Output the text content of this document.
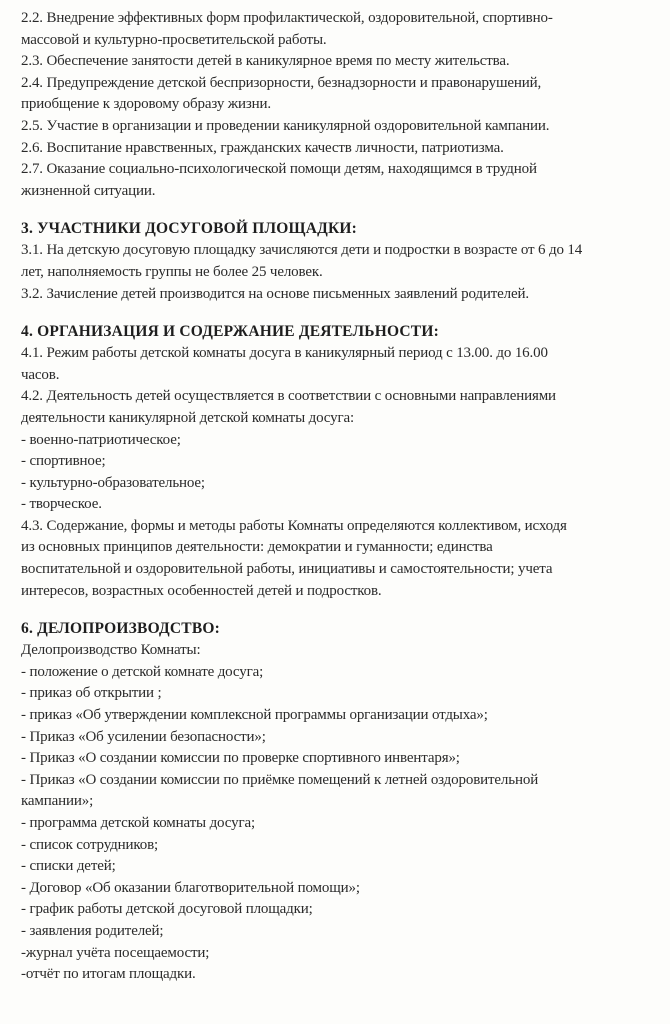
2.2. Внедрение эффективных форм профилактической, оздоровительной, спортивно-

массовой и культурно-просветительской работы.

2.3. Обеспечение занятости детей в каникулярное время по месту жительства.

2.4. Предупреждение детской беспризорности, безнадзорности и правонарушений,

приобщение к здоровому образу жизни.

2.5. Участие в организации и проведении каникулярной оздоровительной кампании.

2.6. Воспитание нравственных, гражданских качеств личности, патриотизма.

2.7. Оказание социально-психологической помощи детям, находящимся в трудной

жизненной ситуации.

3. УЧАСТНИКИ ДОСУГОВОЙ ПЛОЩАДКИ:

3.1. На детскую досуговую площадку зачисляются дети и подростки в возрасте от 6 до 14

лет, наполняемость группы не более 25 человек.

3.2. Зачисление детей производится на основе письменных заявлений родителей.

4. ОРГАНИЗАЦИЯ И СОДЕРЖАНИЕ ДЕЯТЕЛЬНОСТИ:

4.1. Режим работы детской комнаты досуга в каникулярный период с 13.00. до 16.00

часов.

4.2. Деятельность детей осуществляется в соответствии с основными направлениями

деятельности каникулярной детской комнаты досуга:

- военно-патриотическое;

- спортивное;

- культурно-образовательное;

- творческое.

4.3. Содержание, формы и методы работы Комнаты определяются коллективом, исходя

из основных принципов деятельности: демократии и гуманности; единства

воспитательной и оздоровительной работы, инициативы и самостоятельности; учета

интересов, возрастных особенностей детей и подростков.

6. ДЕЛОПРОИЗВОДСТВО:

Делопроизводство Комнаты:

- положение о детской комнате досуга;

- приказ об открытии ;

- приказ «Об утверждении комплексной программы организации отдыха»;

- Приказ «Об усилении безопасности»;

- Приказ «О создании комиссии по проверке спортивного инвентаря»;

- Приказ «О создании комиссии по приёмке помещений к летней оздоровительной

кампании»;

- программа детской комнаты досуга;

- список сотрудников;

- списки детей;

- Договор «Об оказании благотворительной помощи»;

- график работы детской досуговой площадки;

- заявления родителей;

-журнал учёта посещаемости;

-отчёт по итогам площадки.
